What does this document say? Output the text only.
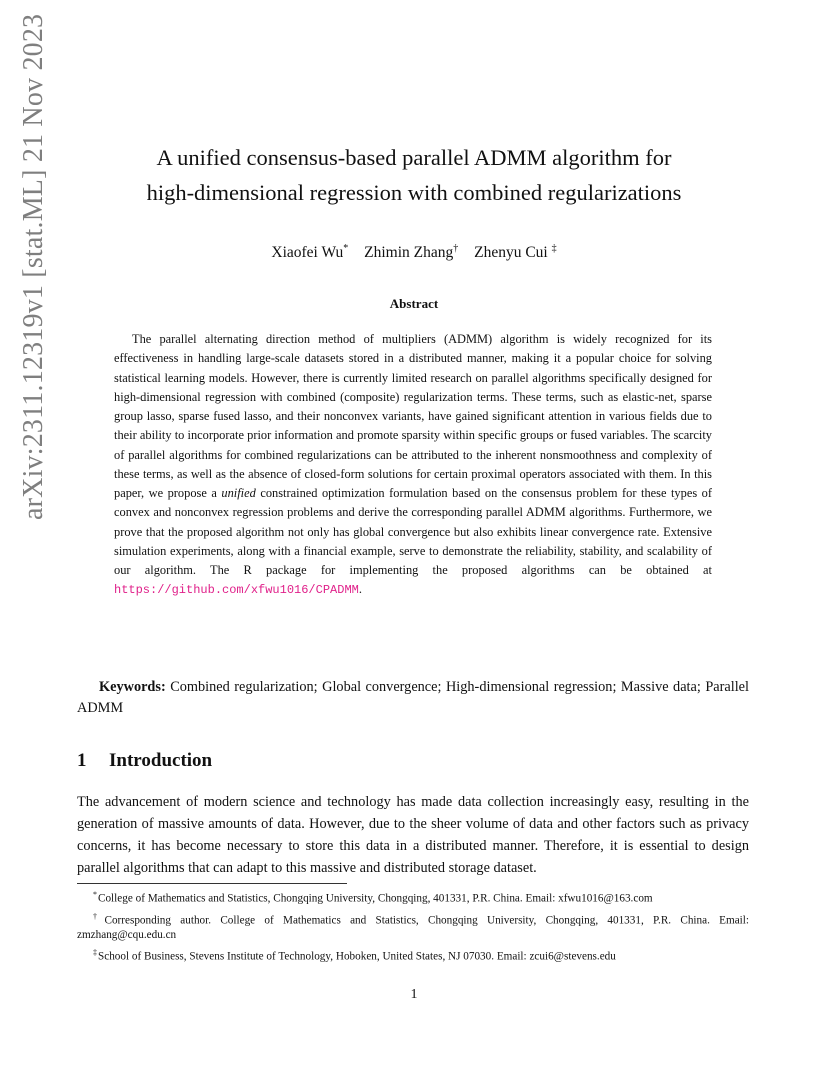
arXiv:2311.12319v1 [stat.ML] 21 Nov 2023	A unified consensus-based parallel ADMM algorithm for
high-dimensional regression with combined regularizations
Xiaofei Wu* Zhimin Zhang† Zhenyu Cui ‡
Abstract
The parallel alternating direction method of multipliers (ADMM) algorithm is widely recognized for its effectiveness in handling large-scale datasets stored in a distributed manner, making it a popular choice for solving statistical learning models. However, there is currently limited research on parallel algorithms specifically designed for high-dimensional regression with combined (composite) regularization terms. These terms, such as elastic-net, sparse group lasso, sparse fused lasso, and their nonconvex variants, have gained significant attention in various fields due to their ability to incorporate prior information and promote sparsity within specific groups or fused variables. The scarcity of parallel algorithms for combined regularizations can be attributed to the inherent nonsmoothness and complexity of these terms, as well as the absence of closed-form solutions for certain proximal operators associated with them. In this paper, we propose a unified constrained optimization formulation based on the consensus problem for these types of convex and nonconvex regression problems and derive the corresponding parallel ADMM algorithms. Furthermore, we prove that the proposed algorithm not only has global convergence but also exhibits linear convergence rate. Extensive simulation experiments, along with a financial example, serve to demonstrate the reliability, stability, and scalability of our algorithm. The R package for implementing the proposed algorithms can be obtained at https://github.com/xfwu1016/CPADMM.
Keywords: Combined regularization; Global convergence; High-dimensional regression; Massive data; Parallel ADMM
1 Introduction
The advancement of modern science and technology has made data collection increasingly easy, resulting in the generation of massive amounts of data. However, due to the sheer volume of data and other factors such as privacy concerns, it has become necessary to store this data in a distributed manner. Therefore, it is essential to design parallel algorithms that can adapt to this massive and distributed storage dataset.
*College of Mathematics and Statistics, Chongqing University, Chongqing, 401331, P.R. China. Email: xfwu1016@163.com
†Corresponding author. College of Mathematics and Statistics, Chongqing University, Chongqing, 401331, P.R. China. Email: zmzhang@cqu.edu.cn
‡School of Business, Stevens Institute of Technology, Hoboken, United States, NJ 07030. Email: zcui6@stevens.edu
1
